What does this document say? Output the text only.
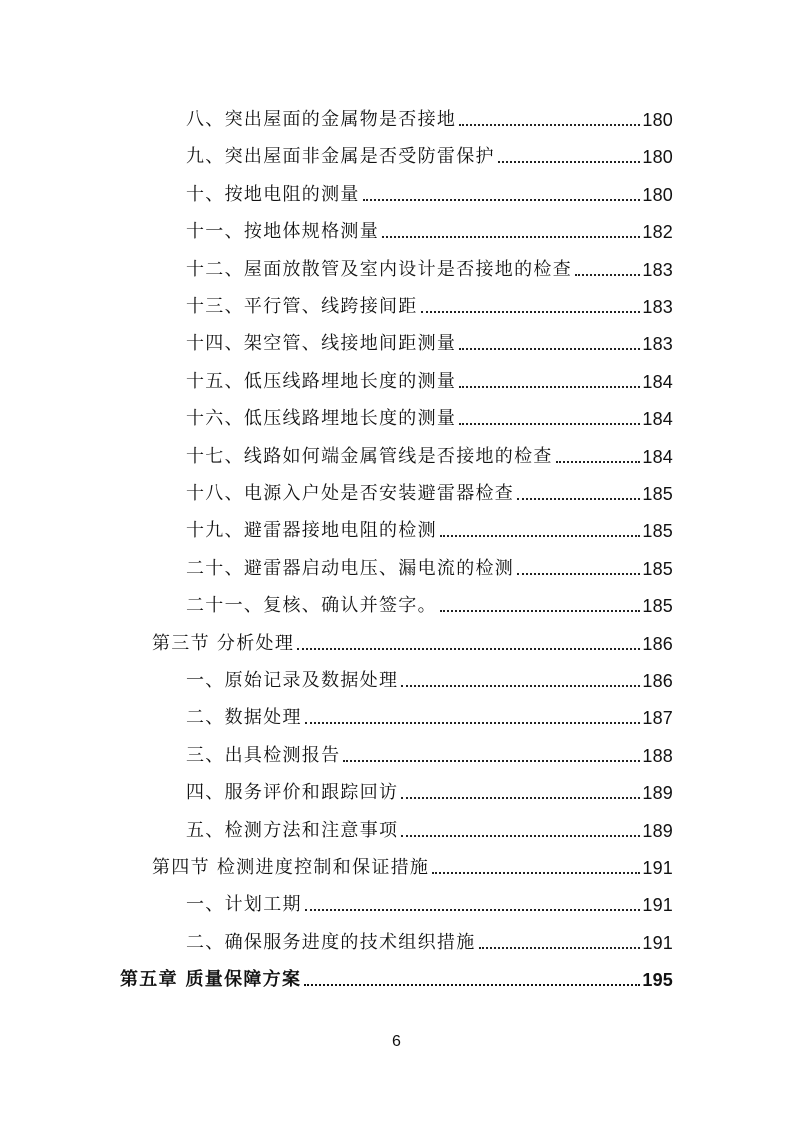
八、突出屋面的金属物是否接地	180
九、突出屋面非金属是否受防雷保护	180
十、按地电阻的测量	180
十一、按地体规格测量	182
十二、屋面放散管及室内设计是否接地的检查	183
十三、平行管、线跨接间距	183
十四、架空管、线接地间距测量	183
十五、低压线路埋地长度的测量	184
十六、低压线路埋地长度的测量	184
十七、线路如何端金属管线是否接地的检查	184
十八、电源入户处是否安装避雷器检查	185
十九、避雷器接地电阻的检测	185
二十、避雷器启动电压、漏电流的检测	185
二十一、复核、确认并签字。	185
第三节 分析处理	186
一、原始记录及数据处理	186
二、数据处理	187
三、出具检测报告	188
四、服务评价和跟踪回访	189
五、检测方法和注意事项	189
第四节 检测进度控制和保证措施	191
一、计划工期	191
二、确保服务进度的技术组织措施	191
第五章 质量保障方案	195
6
